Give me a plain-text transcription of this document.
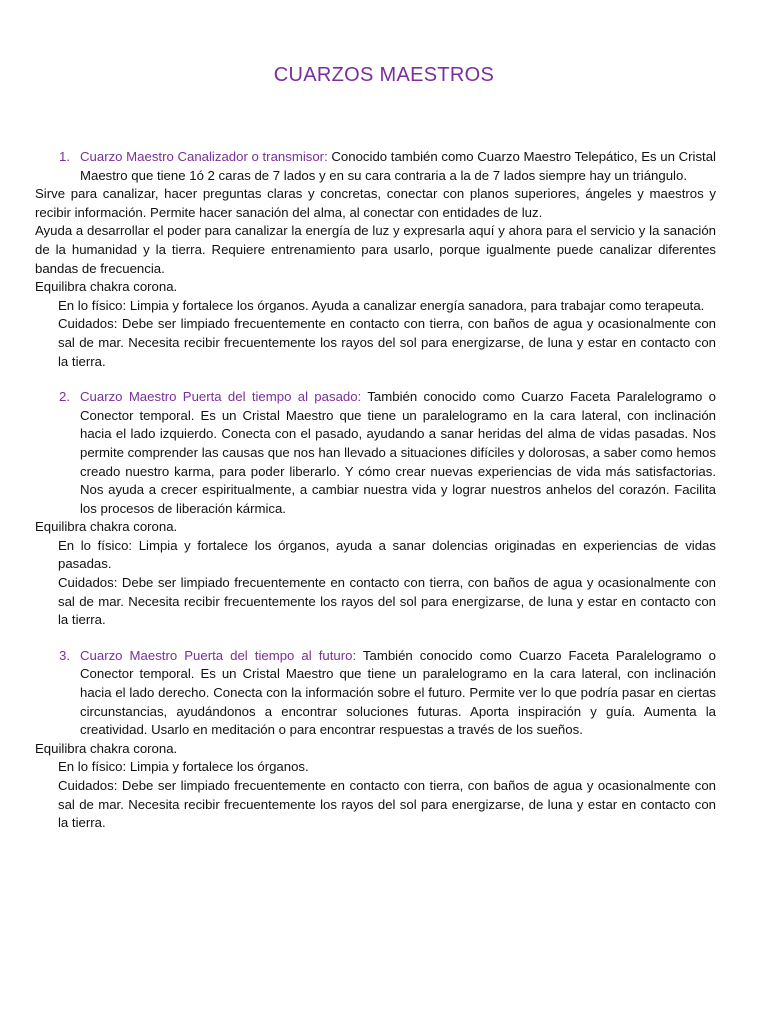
CUARZOS MAESTROS
1. Cuarzo Maestro Canalizador o transmisor: Conocido también como Cuarzo Maestro Telepático, Es un Cristal Maestro que tiene 1ó 2 caras de 7 lados y en su cara contraria a la de 7 lados siempre hay un triángulo.

Sirve para canalizar, hacer preguntas claras y concretas, conectar con planos superiores, ángeles y maestros y recibir información. Permite hacer sanación del alma, al conectar con entidades de luz.

Ayuda a desarrollar el poder para canalizar la energía de luz y expresarla aquí y ahora para el servicio y la sanación de la humanidad y la tierra. Requiere entrenamiento para usarlo, porque igualmente puede canalizar diferentes bandas de frecuencia.

Equilibra chakra corona.

En lo físico: Limpia y fortalece los órganos. Ayuda a canalizar energía sanadora, para trabajar como terapeuta.

Cuidados: Debe ser limpiado frecuentemente en contacto con tierra, con baños de agua y ocasionalmente con sal de mar. Necesita recibir frecuentemente los rayos del sol para energizarse, de luna y estar en contacto con la tierra.

2. Cuarzo Maestro Puerta del tiempo al pasado: También conocido como Cuarzo Faceta Paralelogramo o Conector temporal. Es un Cristal Maestro que tiene un paralelogramo en la cara lateral, con inclinación hacia el lado izquierdo. Conecta con el pasado, ayudando a sanar heridas del alma de vidas pasadas. Nos permite comprender las causas que nos han llevado a situaciones difíciles y dolorosas, a saber como hemos creado nuestro karma, para poder liberarlo. Y cómo crear nuevas experiencias de vida más satisfactorias. Nos ayuda a crecer espiritualmente, a cambiar nuestra vida y lograr nuestros anhelos del corazón. Facilita los procesos de liberación kármica.

Equilibra chakra corona.

En lo físico: Limpia y fortalece los órganos, ayuda a sanar dolencias originadas en experiencias de vidas pasadas.

Cuidados: Debe ser limpiado frecuentemente en contacto con tierra, con baños de agua y ocasionalmente con sal de mar. Necesita recibir frecuentemente los rayos del sol para energizarse, de luna y estar en contacto con la tierra.

3. Cuarzo Maestro Puerta del tiempo al futuro: También conocido como Cuarzo Faceta Paralelogramo o Conector temporal. Es un Cristal Maestro que tiene un paralelogramo en la cara lateral, con inclinación hacia el lado derecho. Conecta con la información sobre el futuro. Permite ver lo que podría pasar en ciertas circunstancias, ayudándonos a encontrar soluciones futuras. Aporta inspiración y guía. Aumenta la creatividad. Usarlo en meditación o para encontrar respuestas a través de los sueños.

Equilibra chakra corona.

En lo físico: Limpia y fortalece los órganos.

Cuidados: Debe ser limpiado frecuentemente en contacto con tierra, con baños de agua y ocasionalmente con sal de mar. Necesita recibir frecuentemente los rayos del sol para energizarse, de luna y estar en contacto con la tierra.
